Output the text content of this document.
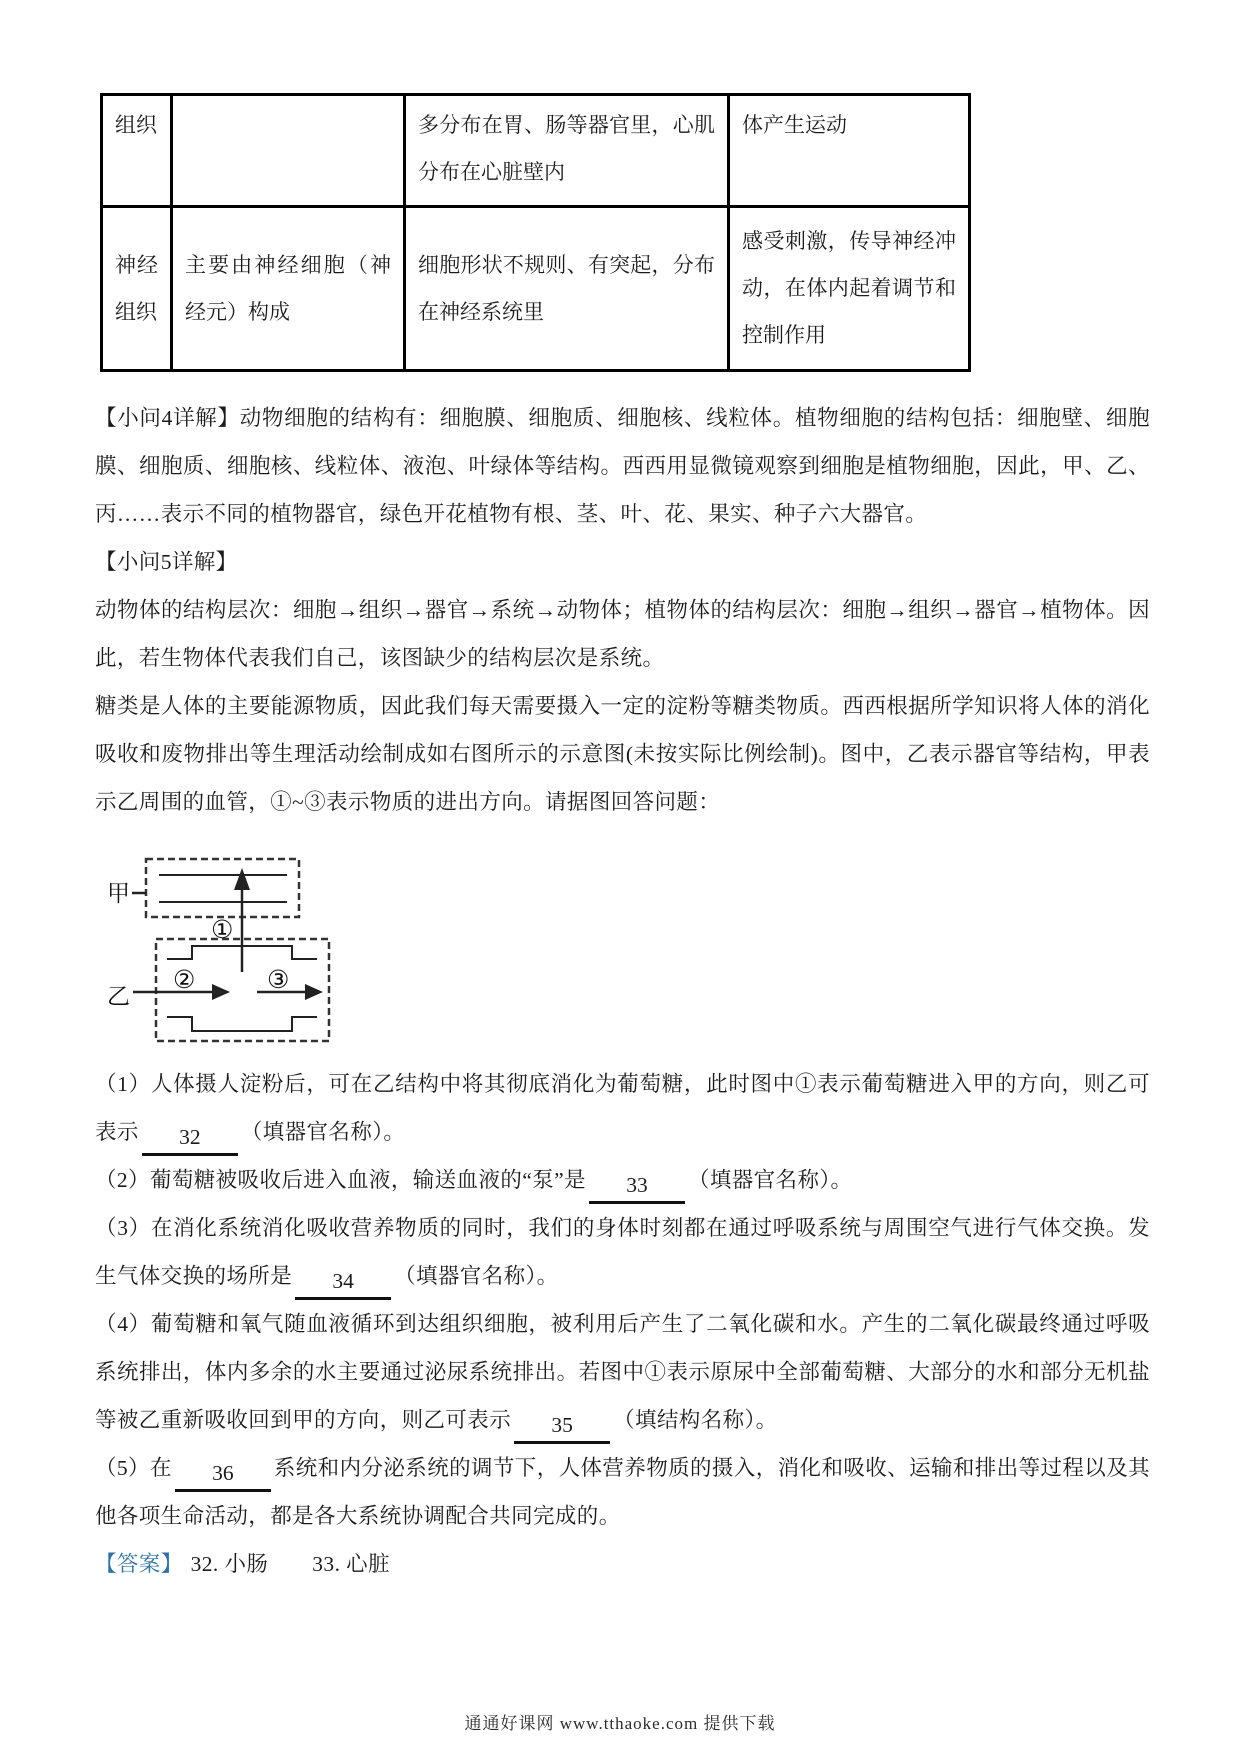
组织		多分布在胃、肠等器官里，心肌分布在心脏壁内	体产生运动
神经组织	主要由神经细胞（神经元）构成	细胞形状不规则、有突起，分布在神经系统里	感受刺激，传导神经冲动，在体内起着调节和控制作用

【小问4详解】动物细胞的结构有：细胞膜、细胞质、细胞核、线粒体。植物细胞的结构包括：细胞壁、细胞膜、细胞质、细胞核、线粒体、液泡、叶绿体等结构。西西用显微镜观察到细胞是植物细胞，因此，甲、乙、丙……表示不同的植物器官，绿色开花植物有根、茎、叶、花、果实、种子六大器官。

【小问5详解】

动物体的结构层次：细胞→组织→器官→系统→动物体；植物体的结构层次：细胞→组织→器官→植物体。因此，若生物体代表我们自己，该图缺少的结构层次是系统。

糖类是人体的主要能源物质，因此我们每天需要摄入一定的淀粉等糖类物质。西西根据所学知识将人体的消化吸收和废物排出等生理活动绘制成如右图所示的示意图(未按实际比例绘制)。图中，乙表示器官等结构，甲表示乙周围的血管，①~③表示物质的进出方向。请据图回答问题：

甲
①
乙
②	③

（1）人体摄人淀粉后，可在乙结构中将其彻底消化为葡萄糖，此时图中①表示葡萄糖进入甲的方向，则乙可表示 32 （填器官名称）。

（2）葡萄糖被吸收后进入血液，输送血液的“泵”是 33 （填器官名称）。

（3）在消化系统消化吸收营养物质的同时，我们的身体时刻都在通过呼吸系统与周围空气进行气体交换。发生气体交换的场所是 34 （填器官名称）。

（4）葡萄糖和氧气随血液循环到达组织细胞，被利用后产生了二氧化碳和水。产生的二氧化碳最终通过呼吸系统排出，体内多余的水主要通过泌尿系统排出。若图中①表示原尿中全部葡萄糖、大部分的水和部分无机盐等被乙重新吸收回到甲的方向，则乙可表示 35 （填结构名称）。

（5）在 36 系统和内分泌系统的调节下，人体营养物质的摄入，消化和吸收、运输和排出等过程以及其他各项生命活动，都是各大系统协调配合共同完成的。

【答案】 32. 小肠 33. 心脏

通通好课网 www.tthaoke.com 提供下载
